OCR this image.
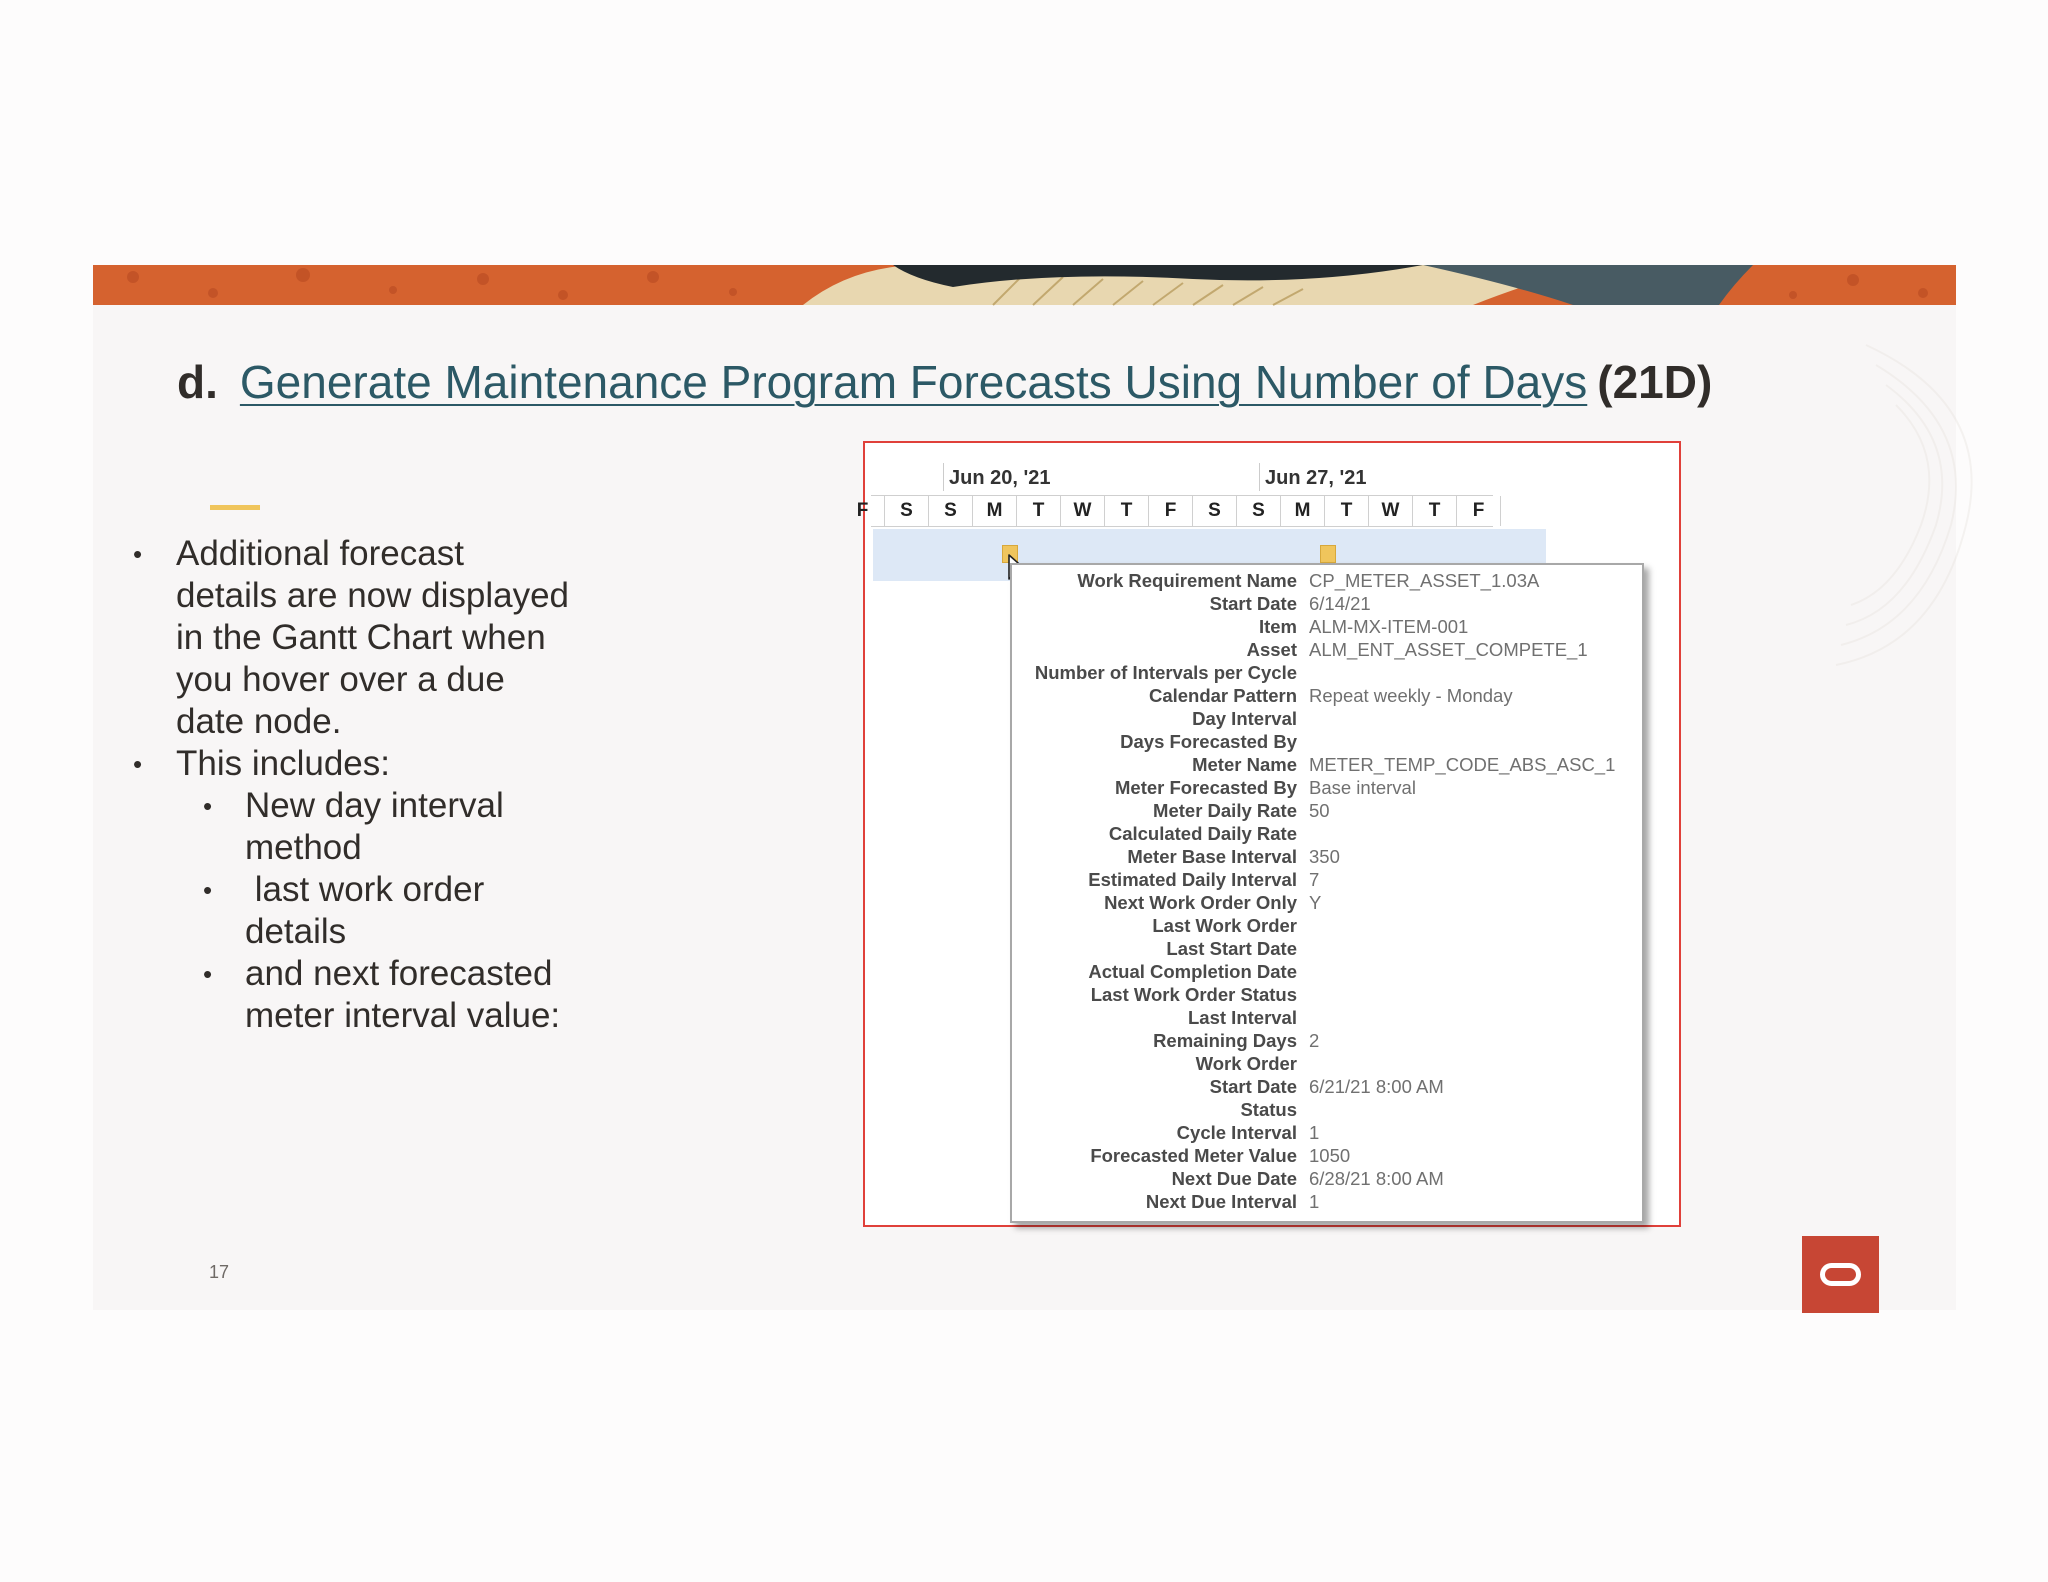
d. Generate Maintenance Program Forecasts Using Number of Days (21D)
• Additional forecast details are now displayed in the Gantt Chart when you hover over a due date node.
• This includes:
• New day interval method
•  last work order details
• and next forecasted meter interval value:
17
Jun 20, '21	Jun 27, '21
F	S	S	M	T	W	T	F	S	S	M	T	W	T	F
Work Requirement Name CP_METER_ASSET_1.03A
Start Date 6/14/21
Item ALM-MX-ITEM-001
Asset ALM_ENT_ASSET_COMPETE_1
Number of Intervals per Cycle
Calendar Pattern Repeat weekly - Monday
Day Interval
Days Forecasted By
Meter Name METER_TEMP_CODE_ABS_ASC_1
Meter Forecasted By Base interval
Meter Daily Rate 50
Calculated Daily Rate
Meter Base Interval 350
Estimated Daily Interval 7
Next Work Order Only Y
Last Work Order
Last Start Date
Actual Completion Date
Last Work Order Status
Last Interval
Remaining Days 2
Work Order
Start Date 6/21/21 8:00 AM
Status
Cycle Interval 1
Forecasted Meter Value 1050
Next Due Date 6/28/21 8:00 AM
Next Due Interval 1
